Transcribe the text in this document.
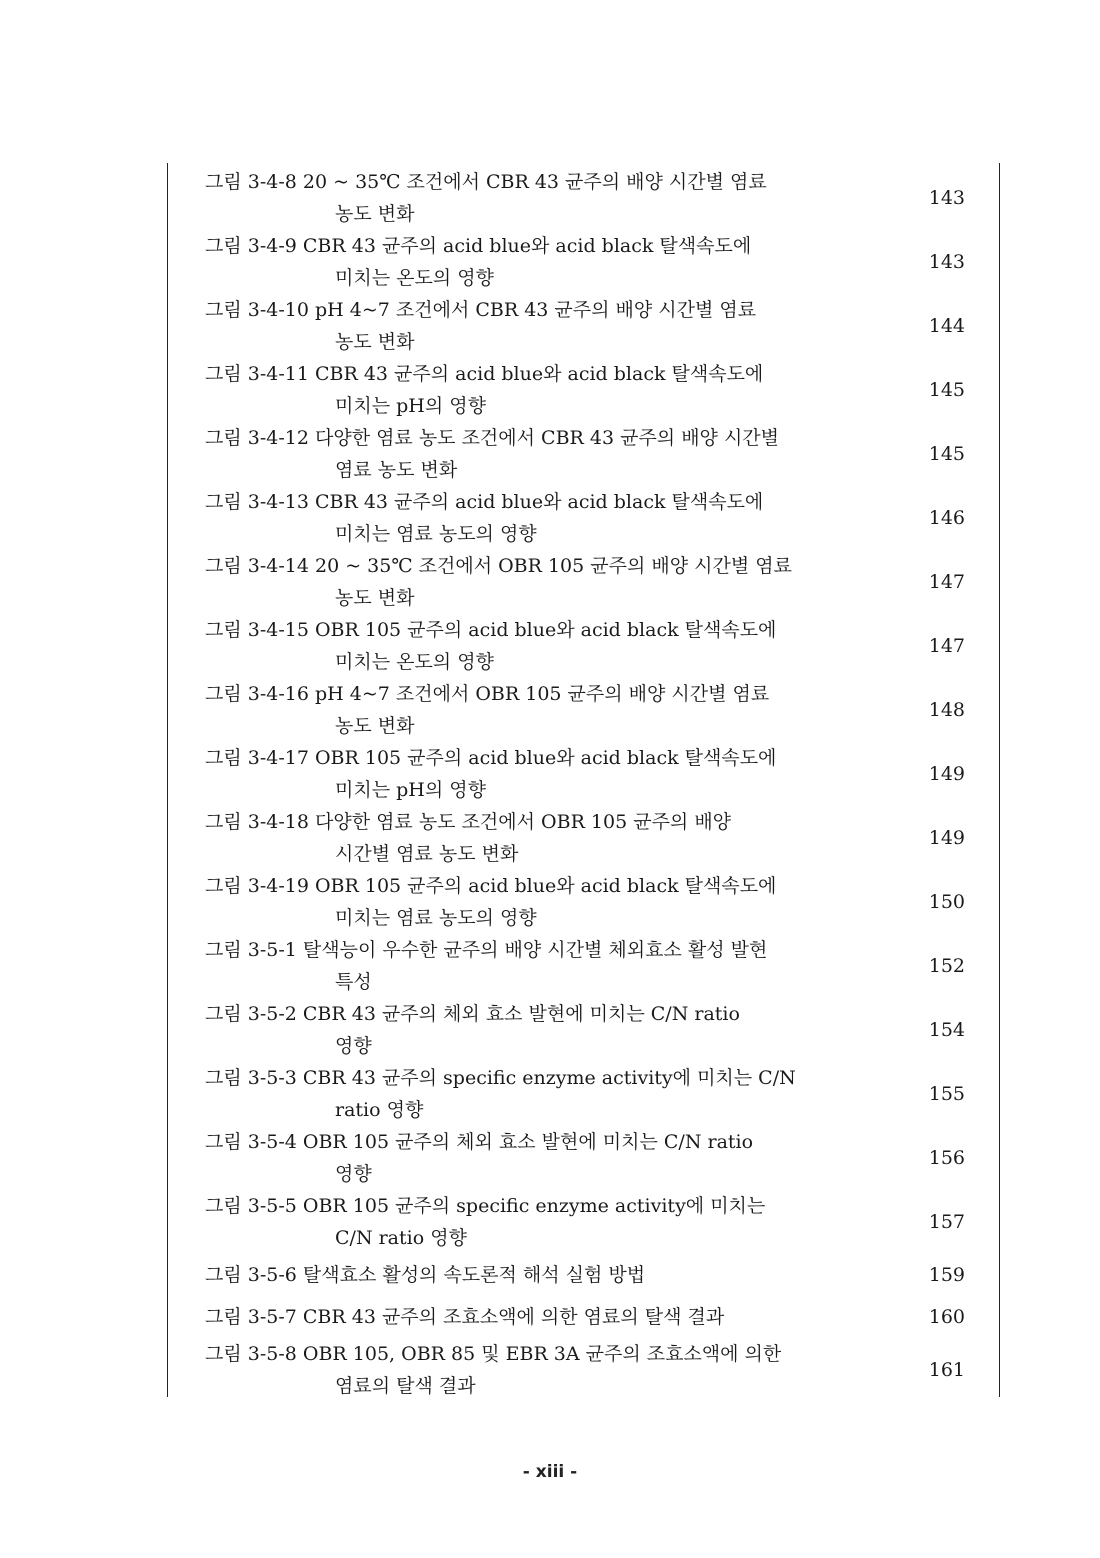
그림 3-4-8 20 ~ 35℃ 조건에서 CBR 43 균주의 배양 시간별 염료
농도 변화
143
그림 3-4-9 CBR 43 균주의 acid blue와 acid black 탈색속도에
미치는 온도의 영향
143
그림 3-4-10 pH 4~7 조건에서 CBR 43 균주의 배양 시간별 염료
농도 변화
144
그림 3-4-11 CBR 43 균주의 acid blue와 acid black 탈색속도에
미치는 pH의 영향
145
그림 3-4-12 다양한 염료 농도 조건에서 CBR 43 균주의 배양 시간별
염료 농도 변화
145
그림 3-4-13 CBR 43 균주의 acid blue와 acid black 탈색속도에
미치는 염료 농도의 영향
146
그림 3-4-14 20 ~ 35℃ 조건에서 OBR 105 균주의 배양 시간별 염료
농도 변화
147
그림 3-4-15 OBR 105 균주의 acid blue와 acid black 탈색속도에
미치는 온도의 영향
147
그림 3-4-16 pH 4~7 조건에서 OBR 105 균주의 배양 시간별 염료
농도 변화
148
그림 3-4-17 OBR 105 균주의 acid blue와 acid black 탈색속도에
미치는 pH의 영향
149
그림 3-4-18 다양한 염료 농도 조건에서 OBR 105 균주의 배양
시간별 염료 농도 변화
149
그림 3-4-19 OBR 105 균주의 acid blue와 acid black 탈색속도에
미치는 염료 농도의 영향
150
그림 3-5-1 탈색능이 우수한 균주의 배양 시간별 체외효소 활성 발현
특성
152
그림 3-5-2 CBR 43 균주의 체외 효소 발현에 미치는 C/N ratio
영향
154
그림 3-5-3 CBR 43 균주의 specific enzyme activity에 미치는 C/N
ratio 영향
155
그림 3-5-4 OBR 105 균주의 체외 효소 발현에 미치는 C/N ratio
영향
156
그림 3-5-5 OBR 105 균주의 specific enzyme activity에 미치는
C/N ratio 영향
157
그림 3-5-6 탈색효소 활성의 속도론적 해석 실험 방법	159
그림 3-5-7 CBR 43 균주의 조효소액에 의한 염료의 탈색 결과	160
그림 3-5-8 OBR 105, OBR 85 및 EBR 3A 균주의 조효소액에 의한
염료의 탈색 결과
161
- xiii -
